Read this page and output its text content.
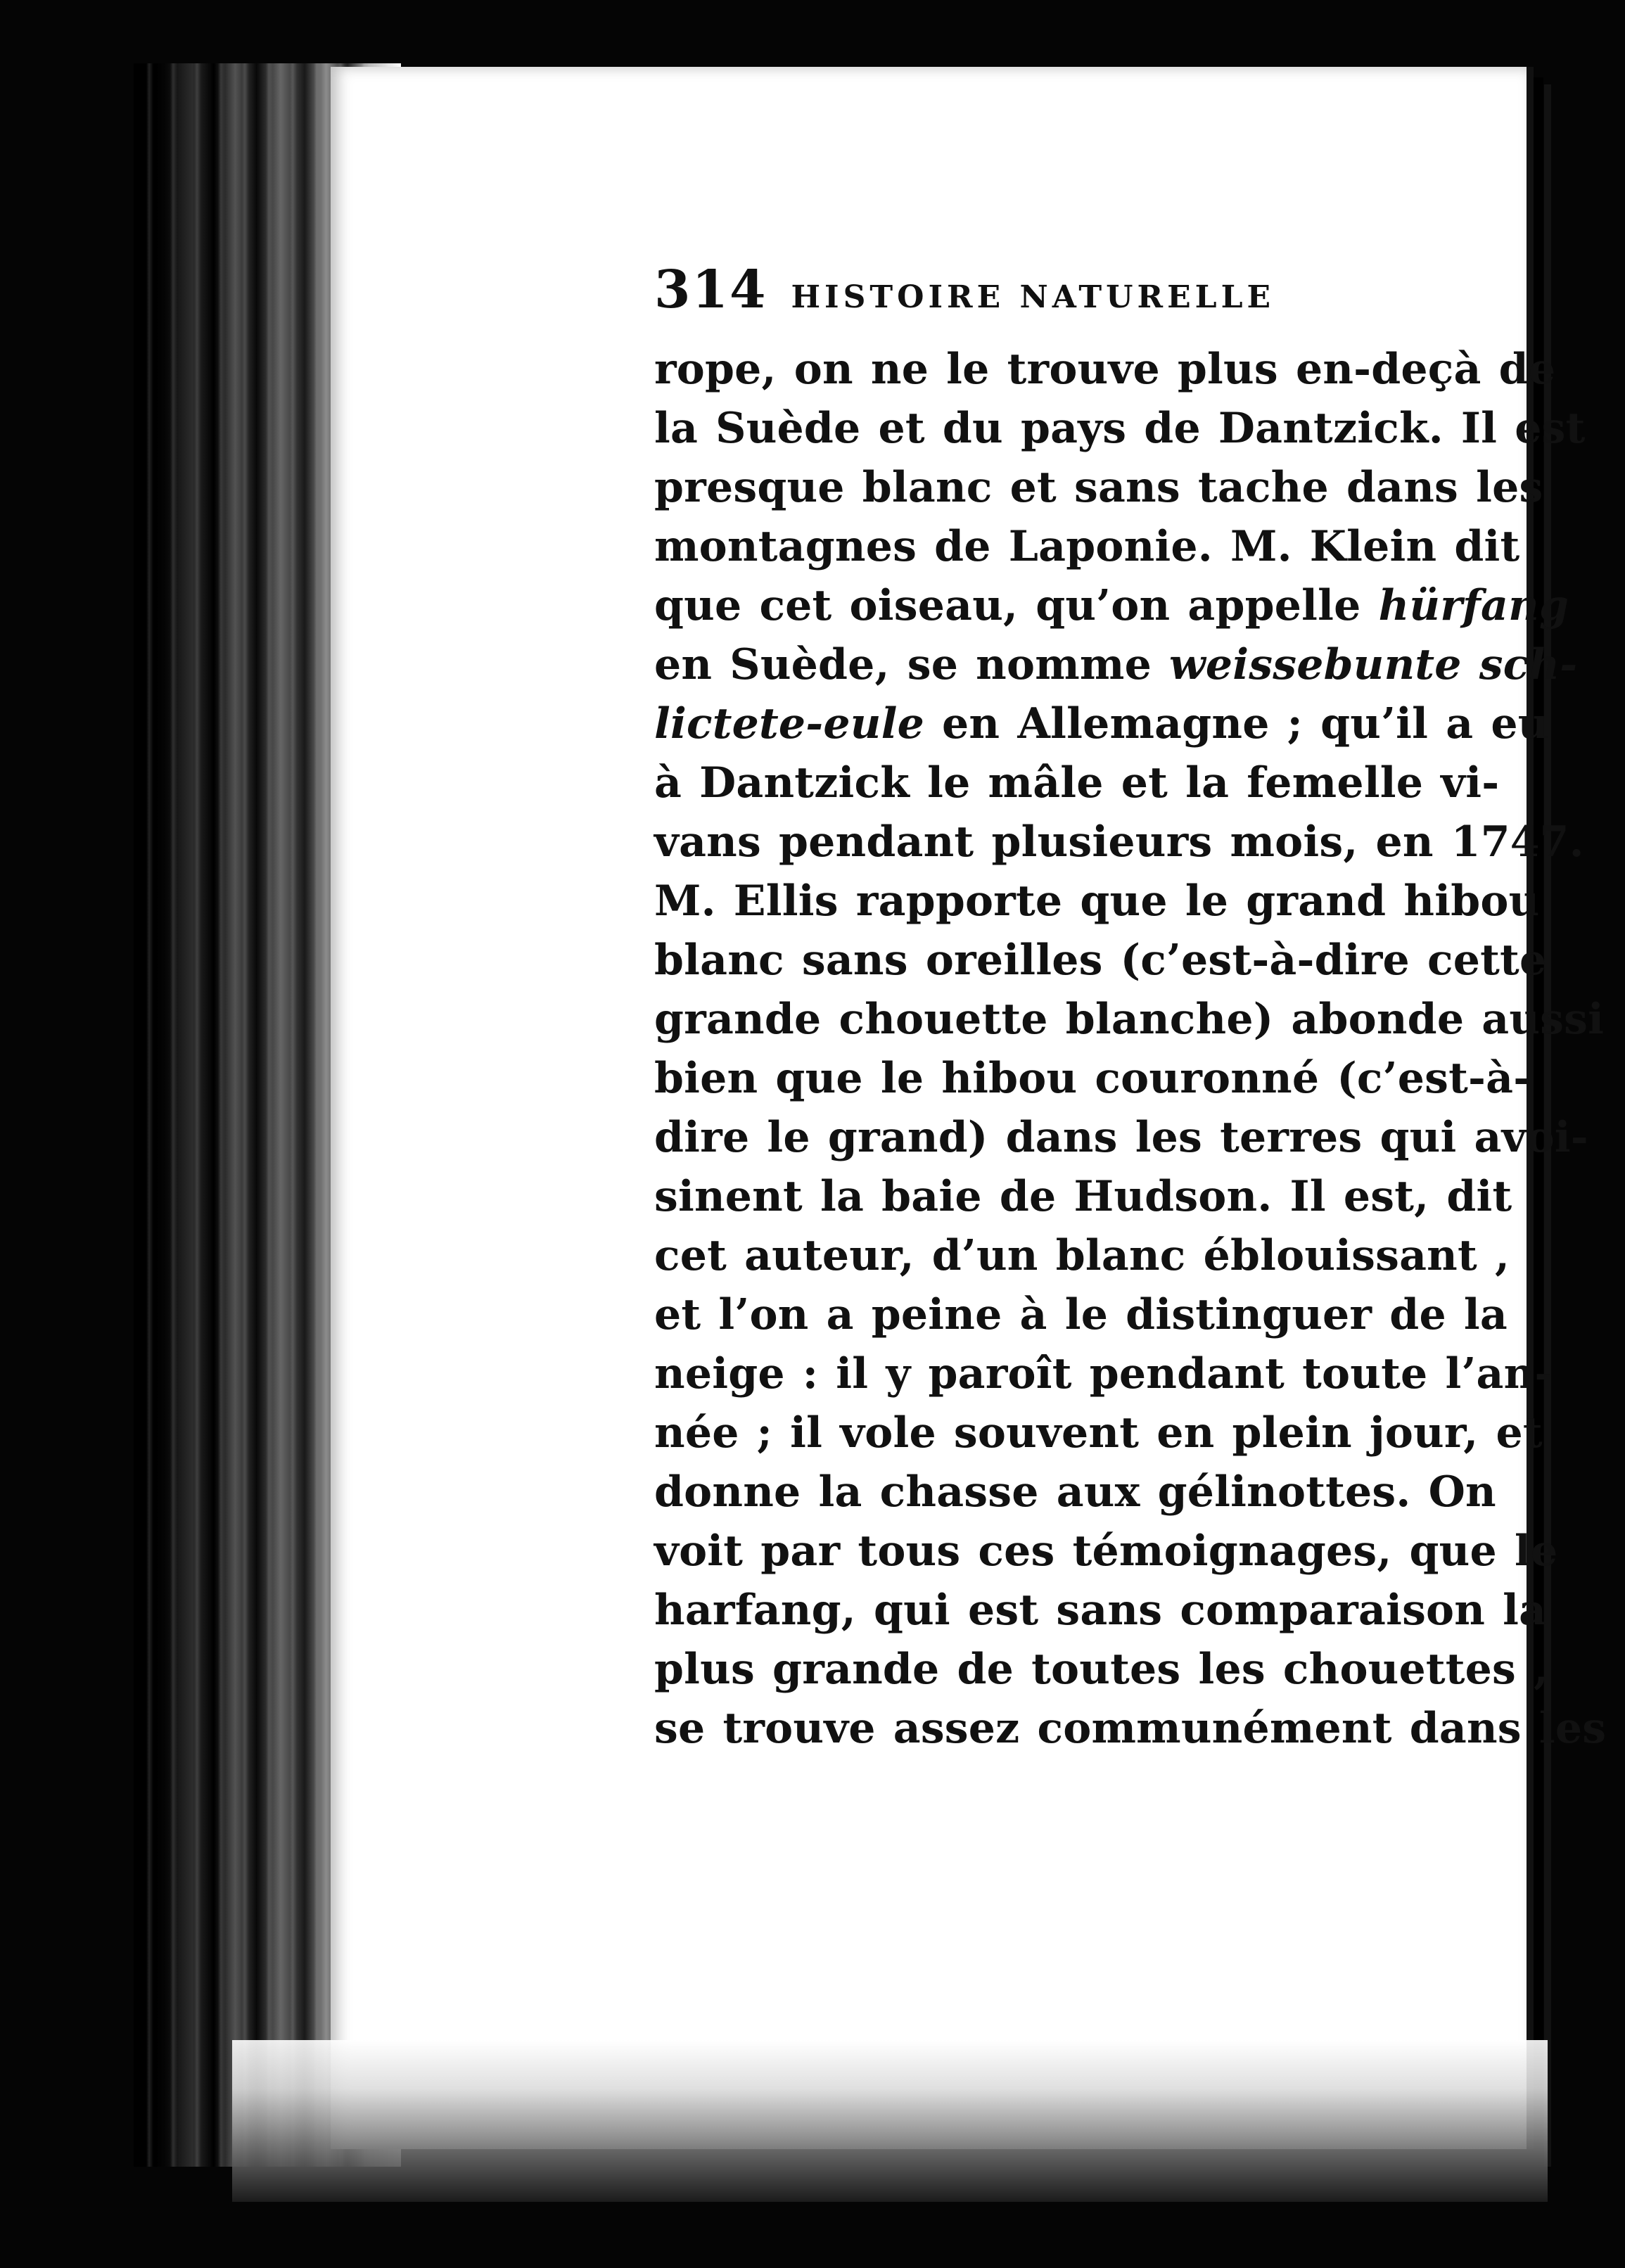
314 HISTOIRE NATURELLE
rope, on ne le trouve plus en-deçà de
la Suède et du pays de Dantzick. Il est
presque blanc et sans tache dans les
montagnes de Laponie. M. Klein dit
que cet oiseau, qu’on appelle hürfang
en Suède, se nomme weissebunte sch-
lictete-eule en Allemagne ; qu’il a eu
à Dantzick le mâle et la femelle vi-
vans pendant plusieurs mois, en 1747.
M. Ellis rapporte que le grand hibou
blanc sans oreilles (c’est-à-dire cette
grande chouette blanche) abonde aussi
bien que le hibou couronné (c’est-à-
dire le grand) dans les terres qui avoi-
sinent la baie de Hudson. Il est, dit
cet auteur, d’un blanc éblouissant ,
et l’on a peine à le distinguer de la
neige : il y paroît pendant toute l’an-
née ; il vole souvent en plein jour, et
donne la chasse aux gélinottes. On
voit par tous ces témoignages, que le
harfang, qui est sans comparaison la
plus grande de toutes les chouettes ,
se trouve assez communément dans les
